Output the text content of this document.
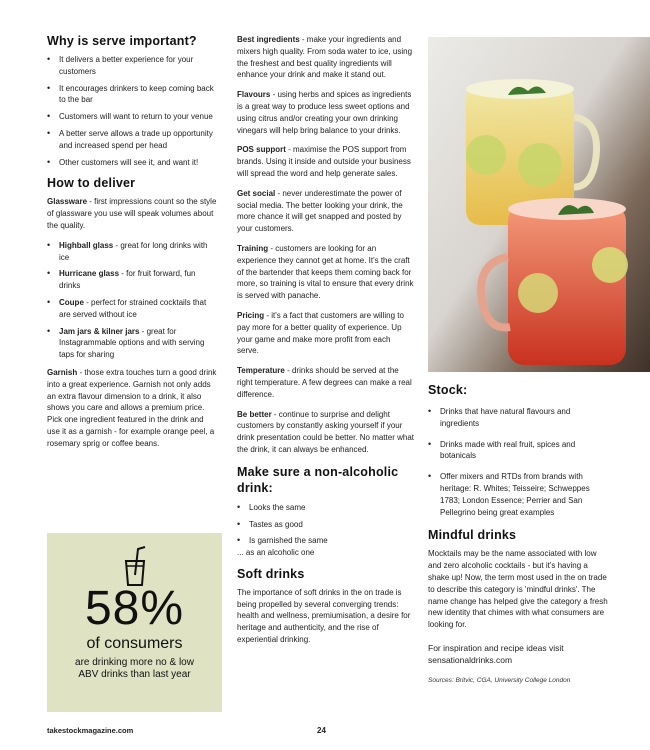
Why is serve important?
• It delivers a better experience for your customers
• It encourages drinkers to keep coming back to the bar
• Customers will want to return to your venue
• A better serve allows a trade up opportunity and increased spend per head
• Other customers will see it, and want it!
How to deliver

Glassware - first impressions count so the style of glassware you use will speak volumes about the quality.

• Highball glass - great for long drinks with ice
• Hurricane glass - for fruit forward, fun drinks
• Coupe - perfect for strained cocktails that are served without ice
• Jam jars & kilner jars - great for Instagrammable options and with serving taps for sharing

Garnish - those extra touches turn a good drink into a great experience. Garnish not only adds an extra flavour dimension to a drink, it also shows you care and allows a premium price. Pick one ingredient featured in the drink and use it as a garnish - for example orange peel, a rosemary sprig or coffee beans.

58%
of consumers
are drinking more no & low ABV drinks than last year

Best ingredients - make your ingredients and mixers high quality. From soda water to ice, using the freshest and best quality ingredients will enhance your drink and make it stand out.

Flavours - using herbs and spices as ingredients is a great way to produce less sweet options and using citrus and/or creating your own drinking vinegars will help bring balance to your drinks.

POS support - maximise the POS support from brands. Using it inside and outside your business will spread the word and help generate sales.

Get social - never underestimate the power of social media. The better looking your drink, the more chance it will get snapped and posted by your customers.

Training - customers are looking for an experience they cannot get at home. It's the craft of the bartender that keeps them coming back for more, so training is vital to ensure that every drink is served with panache.

Pricing - it's a fact that customers are willing to pay more for a better quality of experience. Up your game and make more profit from each serve.

Temperature - drinks should be served at the right temperature. A few degrees can make a real difference.

Be better - continue to surprise and delight customers by constantly asking yourself if your drink presentation could be better. No matter what the drink, it can always be enhanced.

Make sure a non-alcoholic drink:
• Looks the same
• Tastes as good
• Is garnished the same

... as an alcoholic one

Soft drinks

The importance of soft drinks in the on trade is being propelled by several converging trends: health and wellness, premiumisation, a desire for heritage and authenticity, and the rise of experiential drinking.

Stock:
• Drinks that have natural flavours and ingredients
• Drinks made with real fruit, spices and botanicals
• Offer mixers and RTDs from brands with heritage: R. Whites; Teisseire; Schweppes 1783; London Essence; Perrier and San Pellegrino being great examples
Mindful drinks

Mocktails may be the name associated with low and zero alcoholic cocktails - but it's having a shake up! Now, the term most used in the on trade to describe this category is 'mindful drinks'. The name change has helped give the category a fresh new identity that chimes with what consumers are looking for.

For inspiration and recipe ideas visit sensationaldrinks.com

Sources: Britvic, CGA, University College London
takestockmagazine.com	24
